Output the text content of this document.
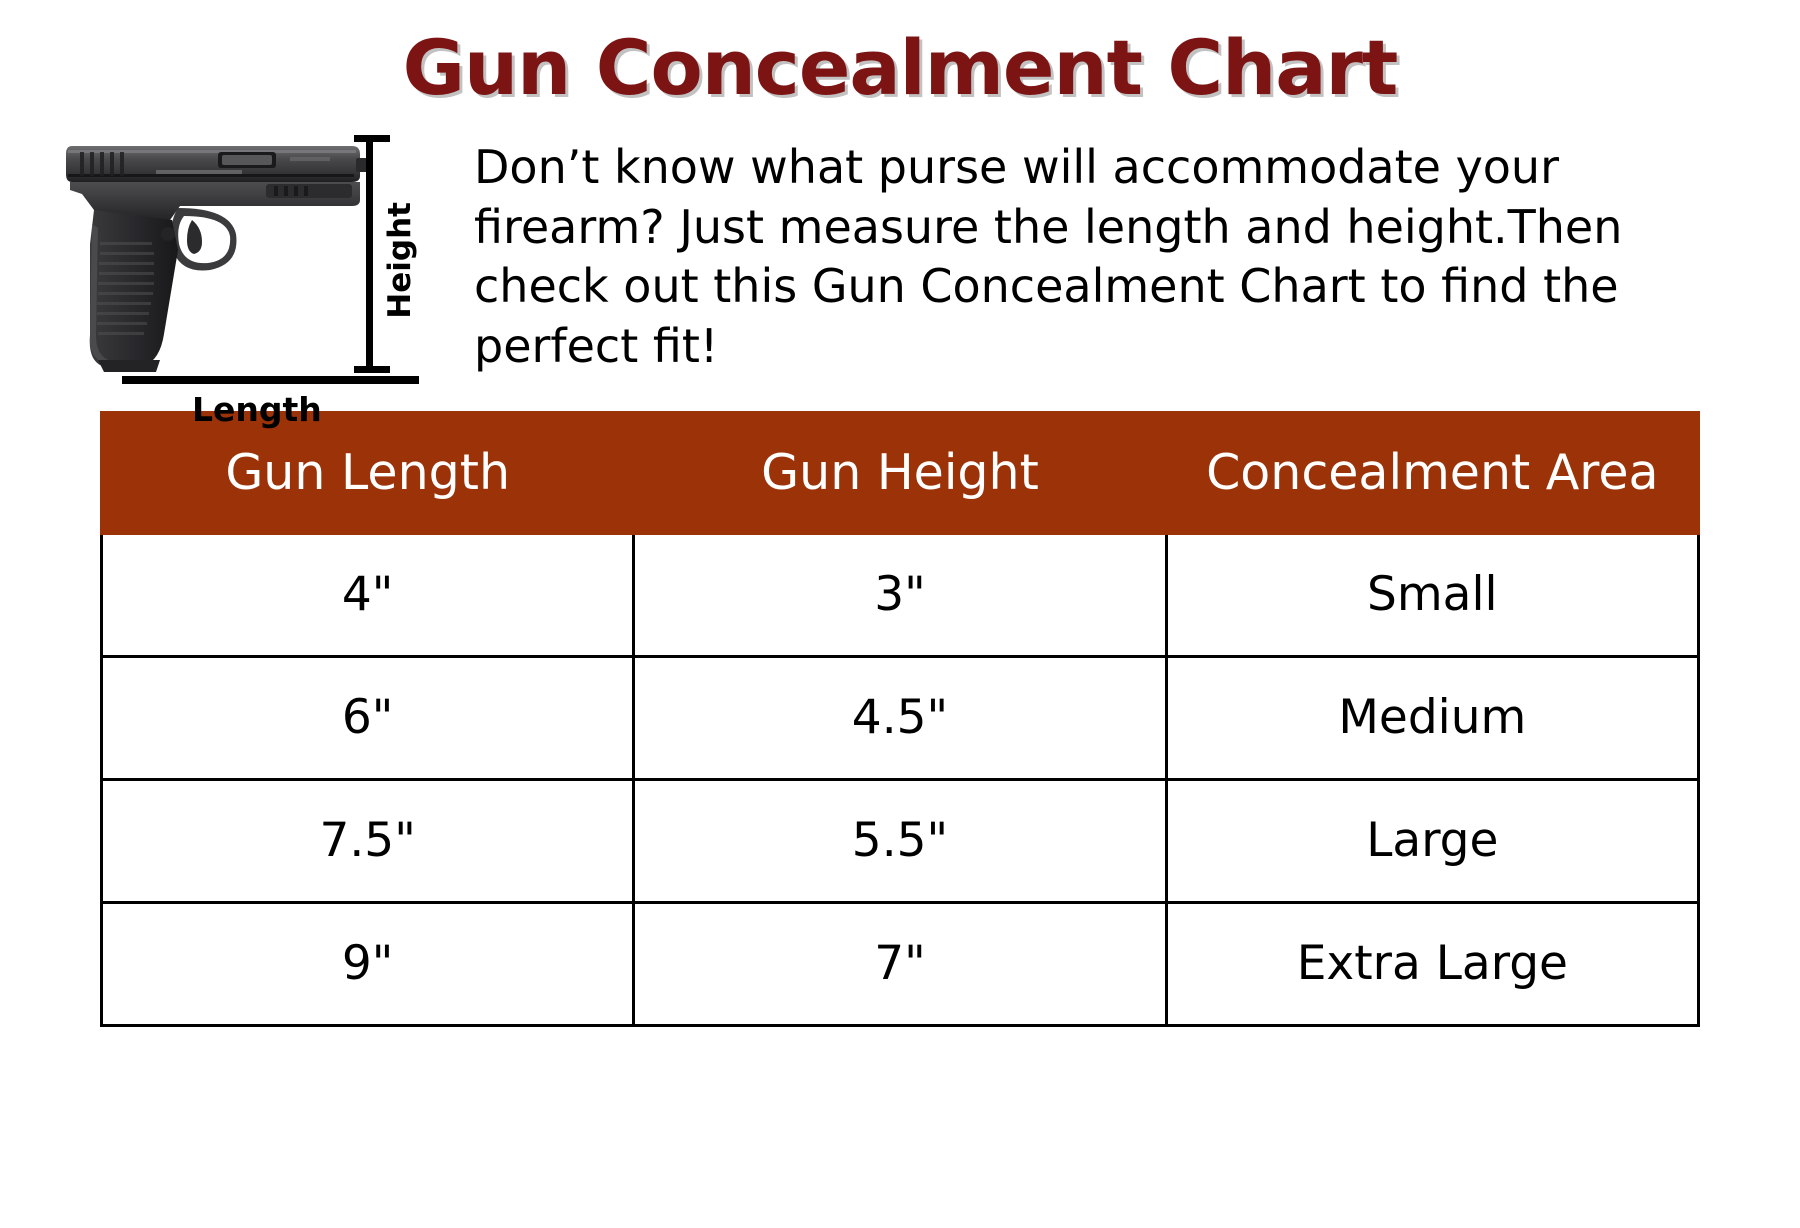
Gun Concealment Chart
Height
Length
Don’t know what purse will accommodate your firearm? Just measure the length and height.Then check out this Gun Concealment Chart to find the perfect fit!
Gun Length	Gun Height	Concealment Area
4"	3"	Small
6"	4.5"	Medium
7.5"	5.5"	Large
9"	7"	Extra Large
